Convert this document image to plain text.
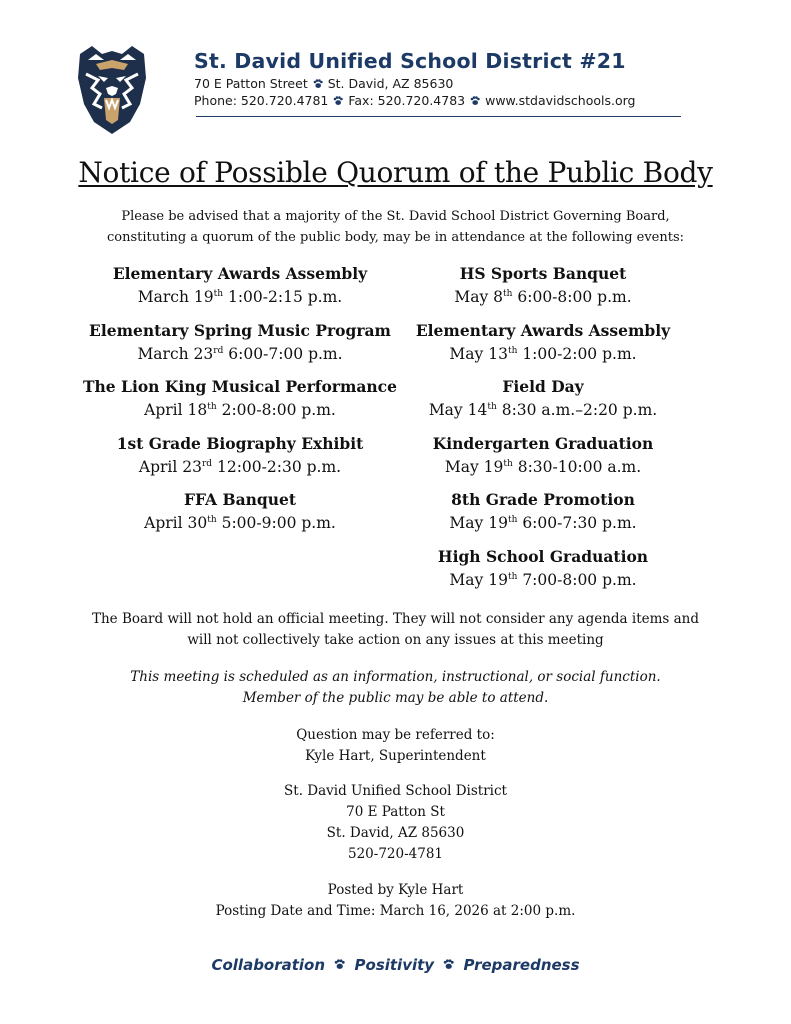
St. David Unified School District #21
70 E Patton Street St. David, AZ 85630
Phone: 520.720.4781 Fax: 520.720.4783 www.stdavidschools.org
Notice of Possible Quorum of the Public Body
Please be advised that a majority of the St. David School District Governing Board,
constituting a quorum of the public body, may be in attendance at the following events:
Elementary Awards Assembly
March 19th 1:00-2:15 p.m.
Elementary Spring Music Program
March 23rd 6:00-7:00 p.m.
The Lion King Musical Performance
April 18th 2:00-8:00 p.m.
1st Grade Biography Exhibit
April 23rd 12:00-2:30 p.m.
FFA Banquet
April 30th 5:00-9:00 p.m.
HS Sports Banquet
May 8th 6:00-8:00 p.m.
Elementary Awards Assembly
May 13th 1:00-2:00 p.m.
Field Day
May 14th 8:30 a.m.–2:20 p.m.
Kindergarten Graduation
May 19th 8:30-10:00 a.m.
8th Grade Promotion
May 19th 6:00-7:30 p.m.
High School Graduation
May 19th 7:00-8:00 p.m.
The Board will not hold an official meeting. They will not consider any agenda items and
will not collectively take action on any issues at this meeting
This meeting is scheduled as an information, instructional, or social function.
Member of the public may be able to attend.
Question may be referred to:
Kyle Hart, Superintendent
St. David Unified School District
70 E Patton St
St. David, AZ 85630
520-720-4781
Posted by Kyle Hart
Posting Date and Time: March 16, 2026 at 2:00 p.m.
Collaboration Positivity Preparedness
